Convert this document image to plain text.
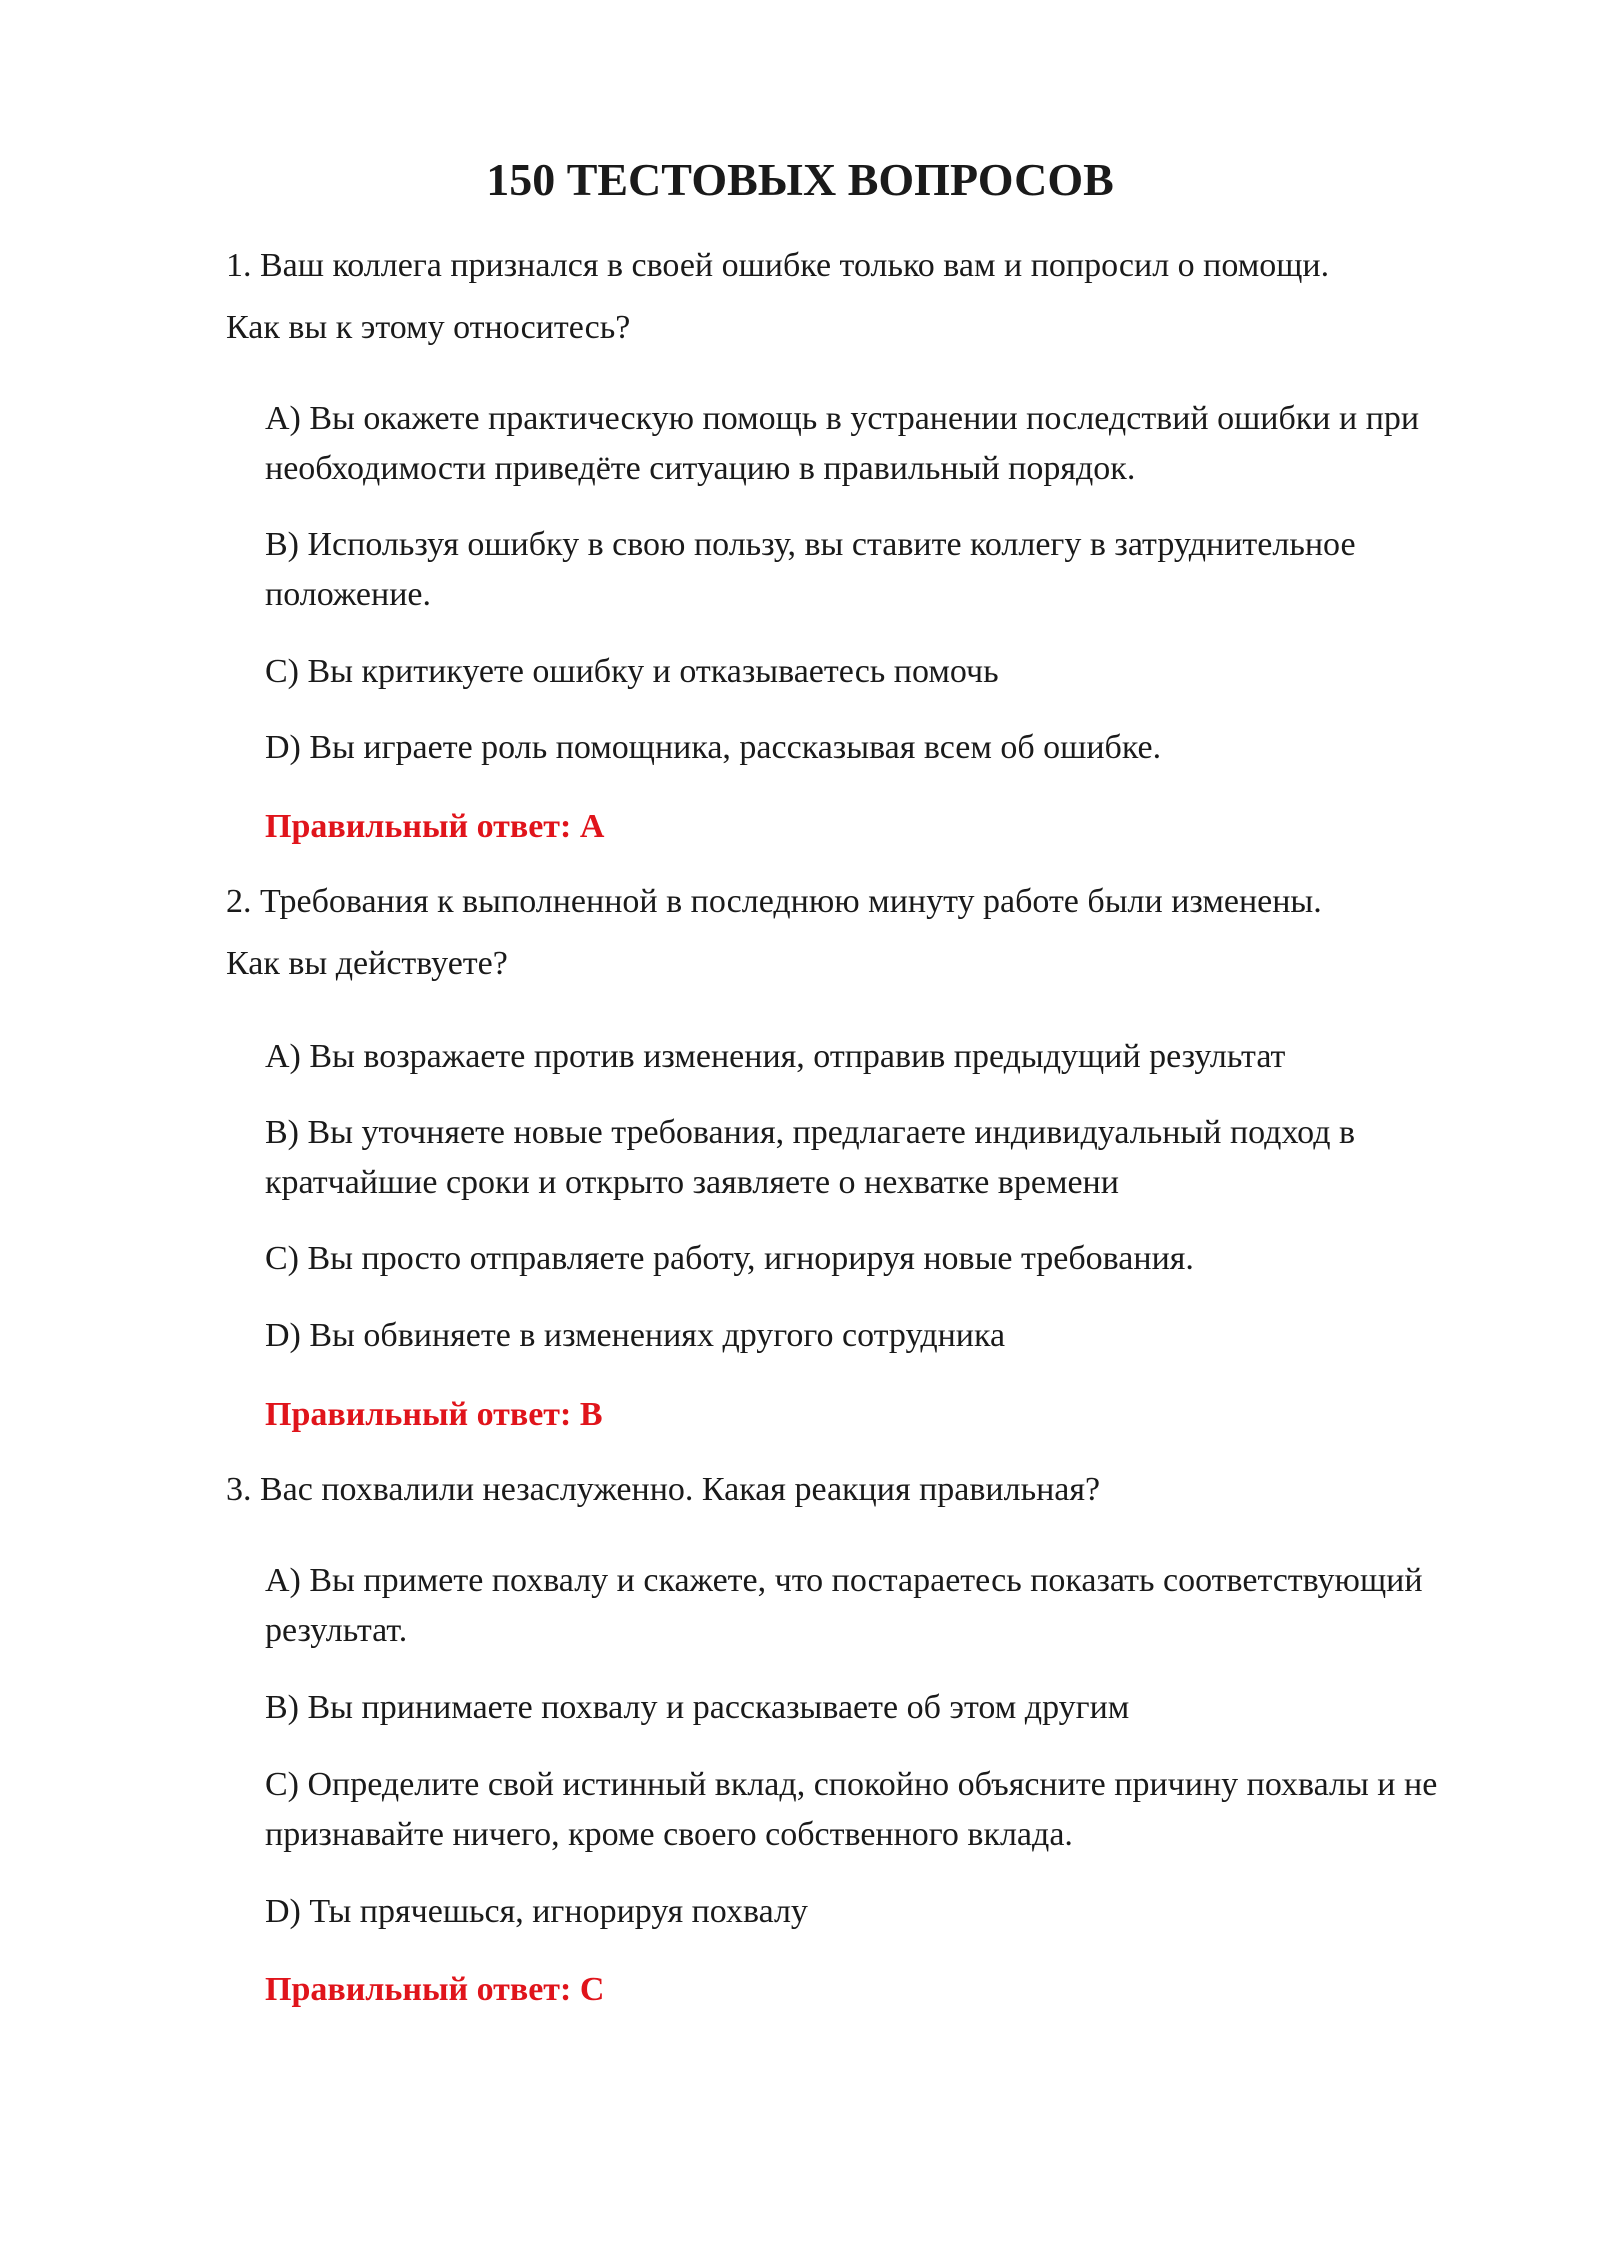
150 ТЕСТОВЫХ ВОПРОСОВ

1. Ваш коллега признался в своей ошибке только вам и попросил о помощи.

Как вы к этому относитесь?

A) Вы окажете практическую помощь в устранении последствий ошибки и при необходимости приведёте ситуацию в правильный порядок.

B) Используя ошибку в свою пользу, вы ставите коллегу в затруднительное положение.

C) Вы критикуете ошибку и отказываетесь помочь

D) Вы играете роль помощника, рассказывая всем об ошибке.

Правильный ответ: A

2. Требования к выполненной в последнюю минуту работе были изменены.

Как вы действуете?

A) Вы возражаете против изменения, отправив предыдущий результат

B) Вы уточняете новые требования, предлагаете индивидуальный подход в кратчайшие сроки и открыто заявляете о нехватке времени

C) Вы просто отправляете работу, игнорируя новые требования.

D) Вы обвиняете в изменениях другого сотрудника

Правильный ответ: B

3. Вас похвалили незаслуженно. Какая реакция правильная?

A) Вы примете похвалу и скажете, что постараетесь показать соответствующий результат.

B) Вы принимаете похвалу и рассказываете об этом другим

C) Определите свой истинный вклад, спокойно объясните причину похвалы и не признавайте ничего, кроме своего собственного вклада.

D) Ты прячешься, игнорируя похвалу

Правильный ответ: C
